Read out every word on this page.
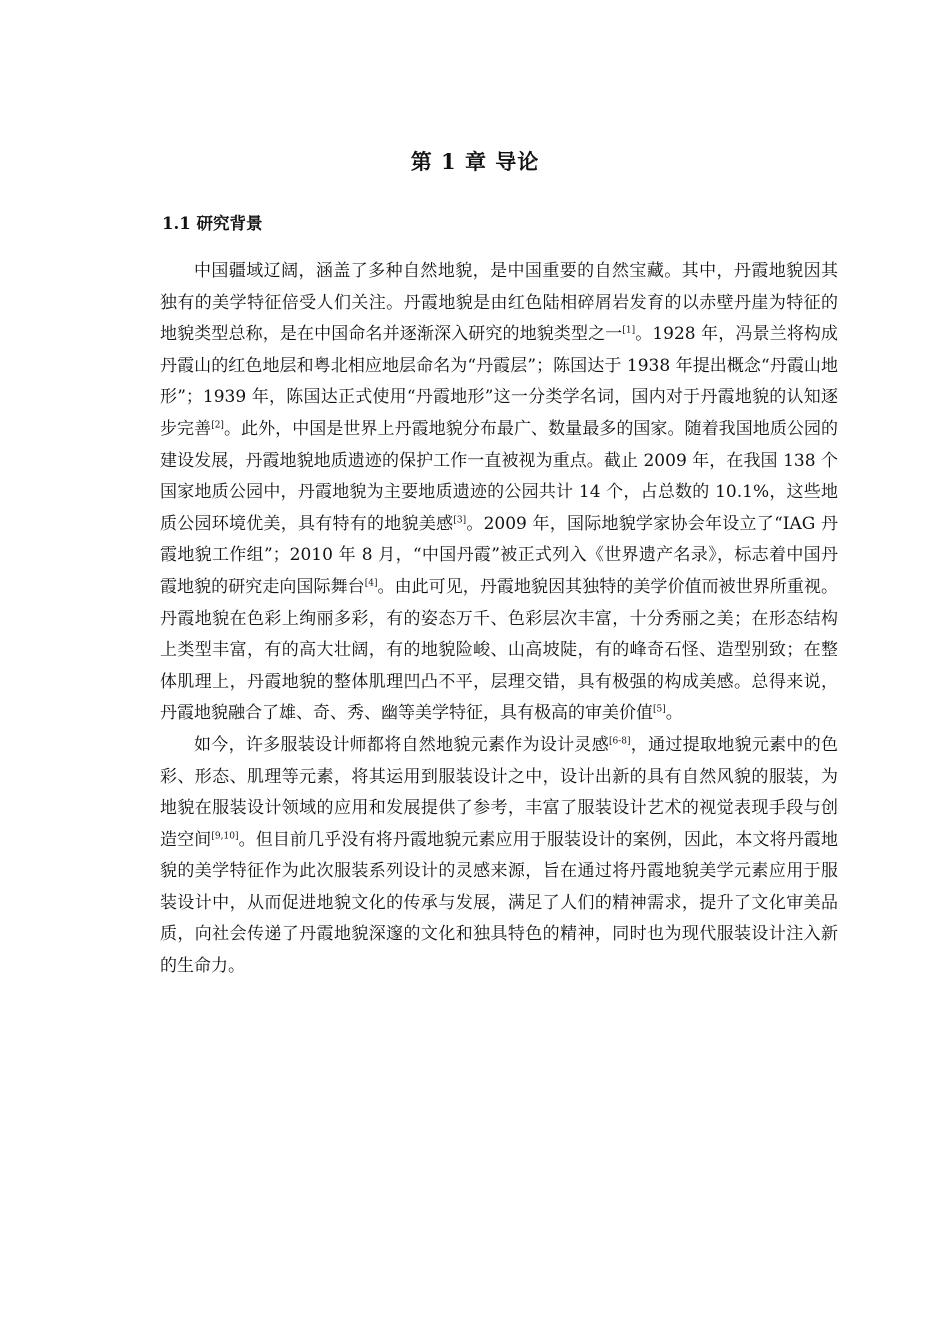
第 1 章 导论
1.1 研究背景

中国疆域辽阔，涵盖了多种自然地貌，是中国重要的自然宝藏。其中，丹霞地貌因其独有的美学特征倍受人们关注。丹霞地貌是由红色陆相碎屑岩发育的以赤壁丹崖为特征的地貌类型总称，是在中国命名并逐渐深入研究的地貌类型之一[1]。1928 年，冯景兰将构成丹霞山的红色地层和粤北相应地层命名为“丹霞层”；陈国达于 1938 年提出概念“丹霞山地形”；1939 年，陈国达正式使用“丹霞地形”这一分类学名词，国内对于丹霞地貌的认知逐步完善[2]。此外，中国是世界上丹霞地貌分布最广、数量最多的国家。随着我国地质公园的建设发展，丹霞地貌地质遗迹的保护工作一直被视为重点。截止 2009 年，在我国 138 个国家地质公园中，丹霞地貌为主要地质遗迹的公园共计 14 个，占总数的 10.1%，这些地质公园环境优美，具有特有的地貌美感[3]。2009 年，国际地貌学家协会年设立了“IAG 丹霞地貌工作组”；2010 年 8 月，“中国丹霞”被正式列入《世界遗产名录》，标志着中国丹霞地貌的研究走向国际舞台[4]。由此可见，丹霞地貌因其独特的美学价值而被世界所重视。丹霞地貌在色彩上绚丽多彩，有的姿态万千、色彩层次丰富，十分秀丽之美；在形态结构上类型丰富，有的高大壮阔，有的地貌险峻、山高坡陡，有的峰奇石怪、造型别致；在整体肌理上，丹霞地貌的整体肌理凹凸不平，层理交错，具有极强的构成美感。总得来说，丹霞地貌融合了雄、奇、秀、幽等美学特征，具有极高的审美价值[5]。

如今，许多服装设计师都将自然地貌元素作为设计灵感[6-8]，通过提取地貌元素中的色彩、形态、肌理等元素，将其运用到服装设计之中，设计出新的具有自然风貌的服装，为地貌在服装设计领域的应用和发展提供了参考，丰富了服装设计艺术的视觉表现手段与创造空间[9,10]。但目前几乎没有将丹霞地貌元素应用于服装设计的案例，因此，本文将丹霞地貌的美学特征作为此次服装系列设计的灵感来源，旨在通过将丹霞地貌美学元素应用于服装设计中，从而促进地貌文化的传承与发展，满足了人们的精神需求，提升了文化审美品质，向社会传递了丹霞地貌深邃的文化和独具特色的精神，同时也为现代服装设计注入新的生命力。
